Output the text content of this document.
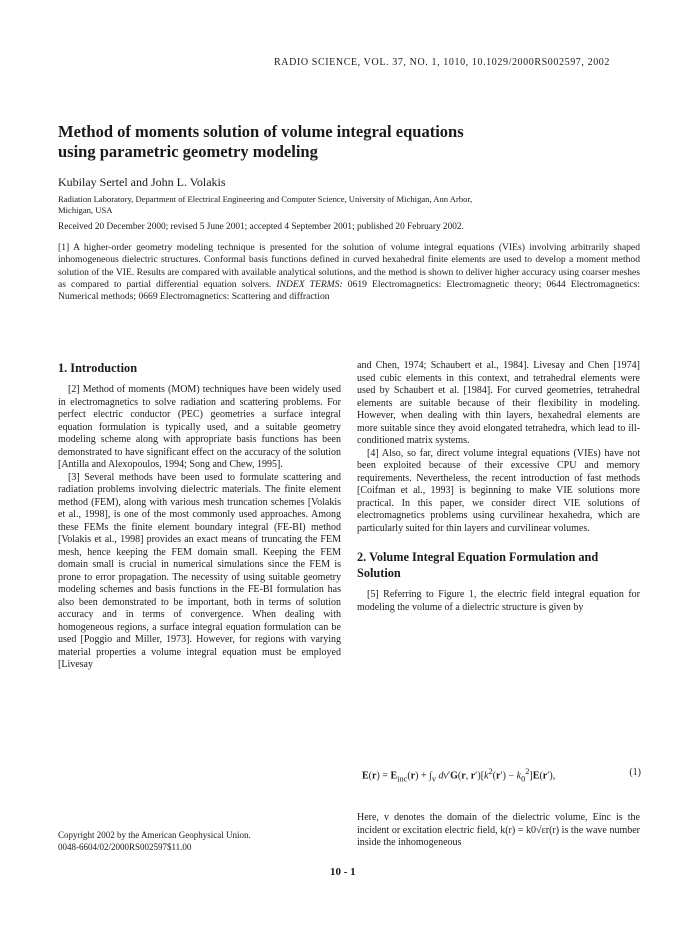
RADIO SCIENCE, VOL. 37, NO. 1, 1010, 10.1029/2000RS002597, 2002
Method of moments solution of volume integral equations
using parametric geometry modeling
Kubilay Sertel and John L. Volakis
Radiation Laboratory, Department of Electrical Engineering and Computer Science, University of Michigan, Ann Arbor,
Michigan, USA
Received 20 December 2000; revised 5 June 2001; accepted 4 September 2001; published 20 February 2002.
[1] A higher-order geometry modeling technique is presented for the solution of volume integral equations (VIEs) involving arbitrarily shaped inhomogeneous dielectric structures. Conformal basis functions defined in curved hexahedral finite elements are used to develop a moment method solution of the VIE. Results are compared with available analytical solutions, and the method is shown to deliver higher accuracy using coarser meshes as compared to partial differential equation solvers. INDEX TERMS: 0619 Electromagnetics: Electromagnetic theory; 0644 Electromagnetics: Numerical methods; 0669 Electromagnetics: Scattering and diffraction
1. Introduction

[2] Method of moments (MOM) techniques have been widely used in electromagnetics to solve radiation and scattering problems. For perfect electric conductor (PEC) geometries a surface integral equation formulation is typically used, and a suitable geometry modeling scheme along with appropriate basis functions has been demonstrated to have significant effect on the accuracy of the solution [Antilla and Alexopoulos, 1994; Song and Chew, 1995].

[3] Several methods have been used to formulate scattering and radiation problems involving dielectric materials. The finite element method (FEM), along with various mesh truncation schemes [Volakis et al., 1998], is one of the most commonly used approaches. Among these FEMs the finite element boundary integral (FE-BI) method [Volakis et al., 1998] provides an exact means of truncating the FEM mesh, hence keeping the FEM domain small. Keeping the FEM domain small is crucial in numerical simulations since the FEM is prone to error propagation. The necessity of using suitable geometry modeling schemes and basis functions in the FE-BI formulation has also been demonstrated to be important, both in terms of solution accuracy and in terms of convergence. When dealing with homogeneous regions, a surface integral equation formulation can be used [Poggio and Miller, 1973]. However, for regions with varying material properties a volume integral equation must be employed [Livesay

and Chen, 1974; Schaubert et al., 1984]. Livesay and Chen [1974] used cubic elements in this context, and tetrahedral elements were used by Schaubert et al. [1984]. For curved geometries, tetrahedral elements are suitable because of their flexibility in modeling. However, when dealing with thin layers, hexahedral elements are more suitable since they avoid elongated tetrahedra, which lead to ill-conditioned matrix systems.

[4] Also, so far, direct volume integral equations (VIEs) have not been exploited because of their excessive CPU and memory requirements. Nevertheless, the recent introduction of fast methods [Coifman et al., 1993] is beginning to make VIE solutions more practical. In this paper, we consider direct VIE solutions of electromagnetics problems using curvilinear hexahedra, which are particularly suited for thin layers and curvilinear volumes.

2. Volume Integral Equation Formulation and Solution

[5] Referring to Figure 1, the electric field integral equation for modeling the volume of a dielectric structure is given by

$E(r) = E_{inc}(r) + \int_v$ dv′G(r, $r')[k^2(r') - k_0^2]E(r')$,	(1)
Here, v denotes the domain of the dielectric volume, Einc is the incident or excitation electric field, k(r) = k0√εr(r) is the wave number inside the inhomogeneous
Copyright 2002 by the American Geophysical Union.
0048-6604/02/2000RS002597$11.00
10 - 1
